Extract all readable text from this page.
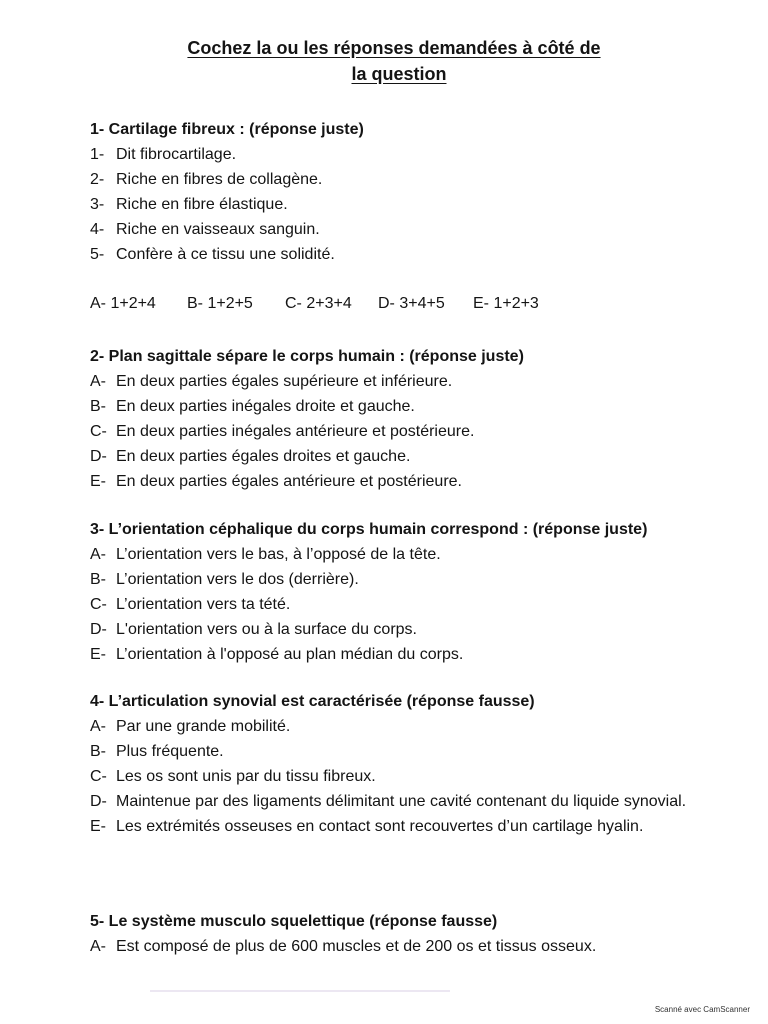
Cochez la ou les réponses demandées à côté de
la question

1- Cartilage fibreux : (réponse juste)

1- Dit fibrocartilage.
2- Riche en fibres de collagène.
3- Riche en fibre élastique.
4- Riche en vaisseaux sanguin.
5- Confère à ce tissu une solidité.
A- 1+2+4	B- 1+2+5	C- 2+3+4	D- 3+4+5	E- 1+2+3

2- Plan sagittale sépare le corps humain : (réponse juste)

A- En deux parties égales supérieure et inférieure.
B- En deux parties inégales droite et gauche.
C- En deux parties inégales antérieure et postérieure.
D- En deux parties égales droites et gauche.
E- En deux parties égales antérieure et postérieure.

3- L’orientation céphalique du corps humain correspond : (réponse juste)

A- L’orientation vers le bas, à l’opposé de la tête.
B- L’orientation vers le dos (derrière).
C- L’orientation vers ta tété.
D- L'orientation vers ou à la surface du corps.
E- L’orientation à l'opposé au plan médian du corps.

4- L’articulation synovial est caractérisée (réponse fausse)

A- Par une grande mobilité.
B- Plus fréquente.
C- Les os sont unis par du tissu fibreux.
D- Maintenue par des ligaments délimitant une cavité contenant du liquide synovial.
E- Les extrémités osseuses en contact sont recouvertes d’un cartilage hyalin.

5- Le système musculo squelettique (réponse fausse)

A- Est composé de plus de 600 muscles et de 200 os et tissus osseux.
Scanné avec CamScanner
